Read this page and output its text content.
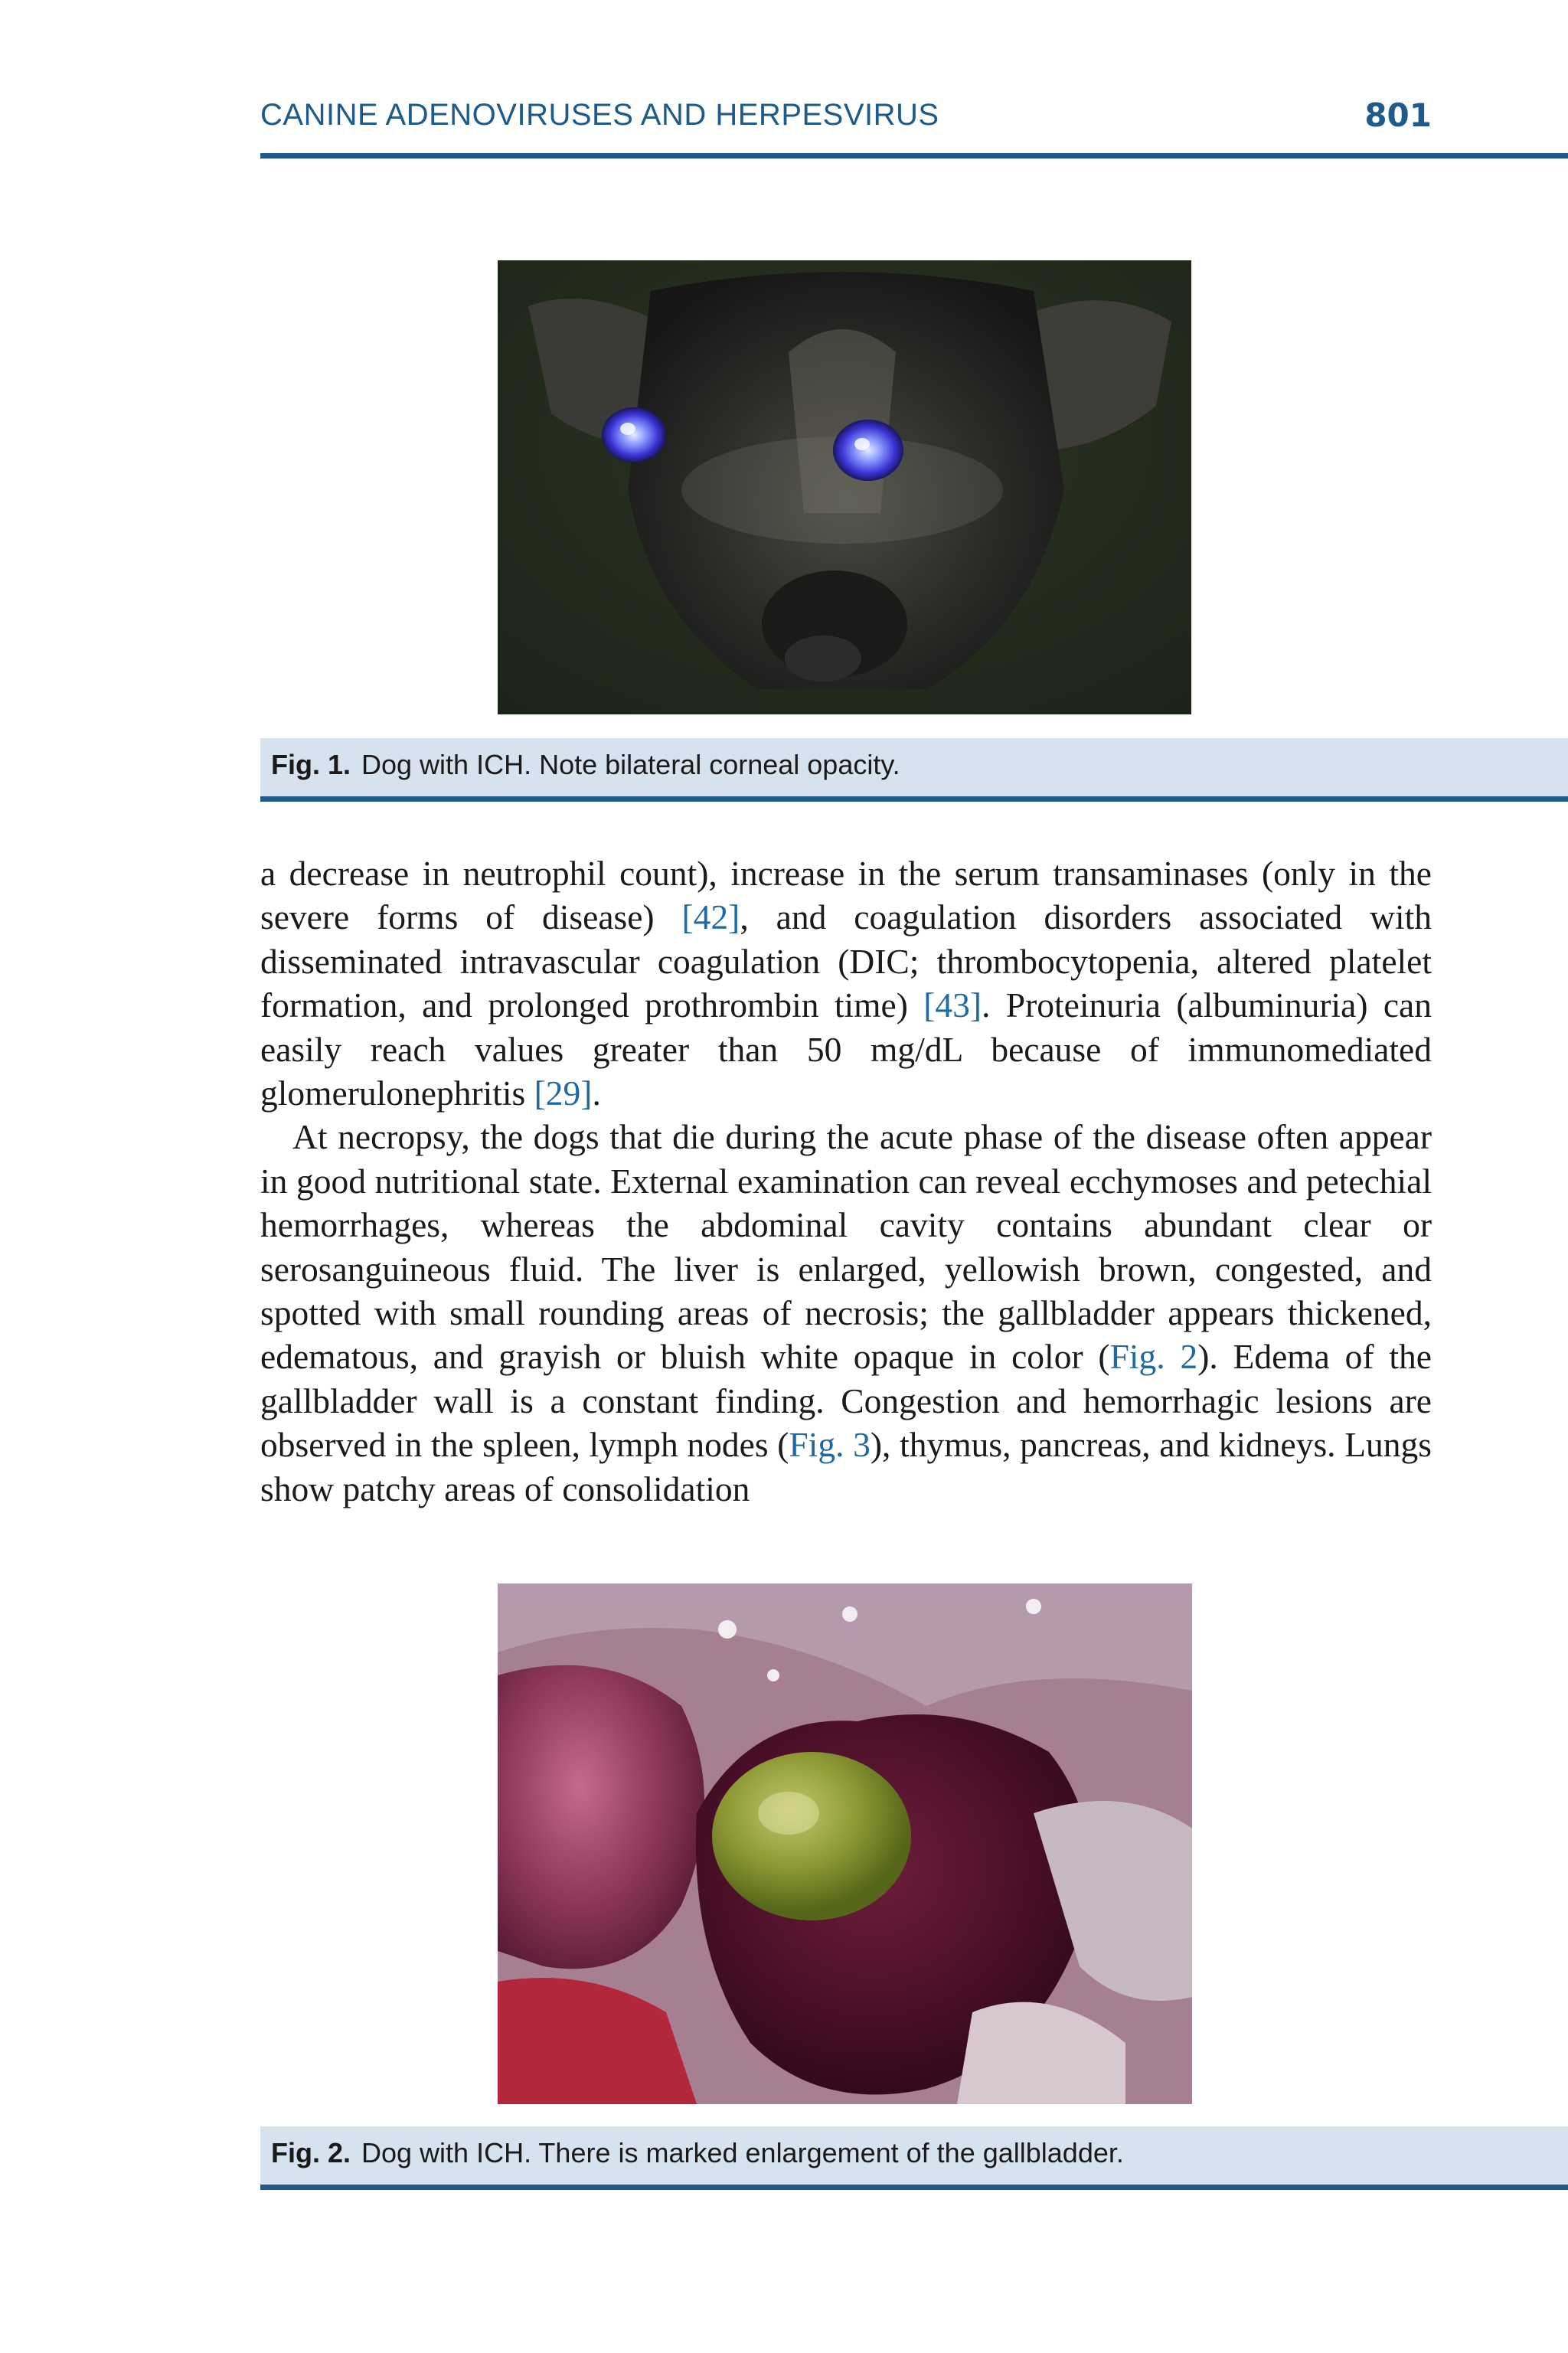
CANINE ADENOVIRUSES AND HERPESVIRUS	801
Fig. 1. Dog with ICH. Note bilateral corneal opacity.

a decrease in neutrophil count), increase in the serum transaminases (only in the severe forms of disease) [42], and coagulation disorders associated with disseminated intravascular coagulation (DIC; thrombocytopenia, altered platelet formation, and prolonged prothrombin time) [43]. Proteinuria (albuminuria) can easily reach values greater than 50 mg/dL because of immunomediated glomerulonephritis [29].

At necropsy, the dogs that die during the acute phase of the disease often appear in good nutritional state. External examination can reveal ecchymoses and petechial hemorrhages, whereas the abdominal cavity contains abundant clear or serosanguineous fluid. The liver is enlarged, yellowish brown, congested, and spotted with small rounding areas of necrosis; the gallbladder appears thickened, edematous, and grayish or bluish white opaque in color (Fig. 2). Edema of the gallbladder wall is a constant finding. Congestion and hemorrhagic lesions are observed in the spleen, lymph nodes (Fig. 3), thymus, pancreas, and kidneys. Lungs show patchy areas of consolidation

Fig. 2. Dog with ICH. There is marked enlargement of the gallbladder.
